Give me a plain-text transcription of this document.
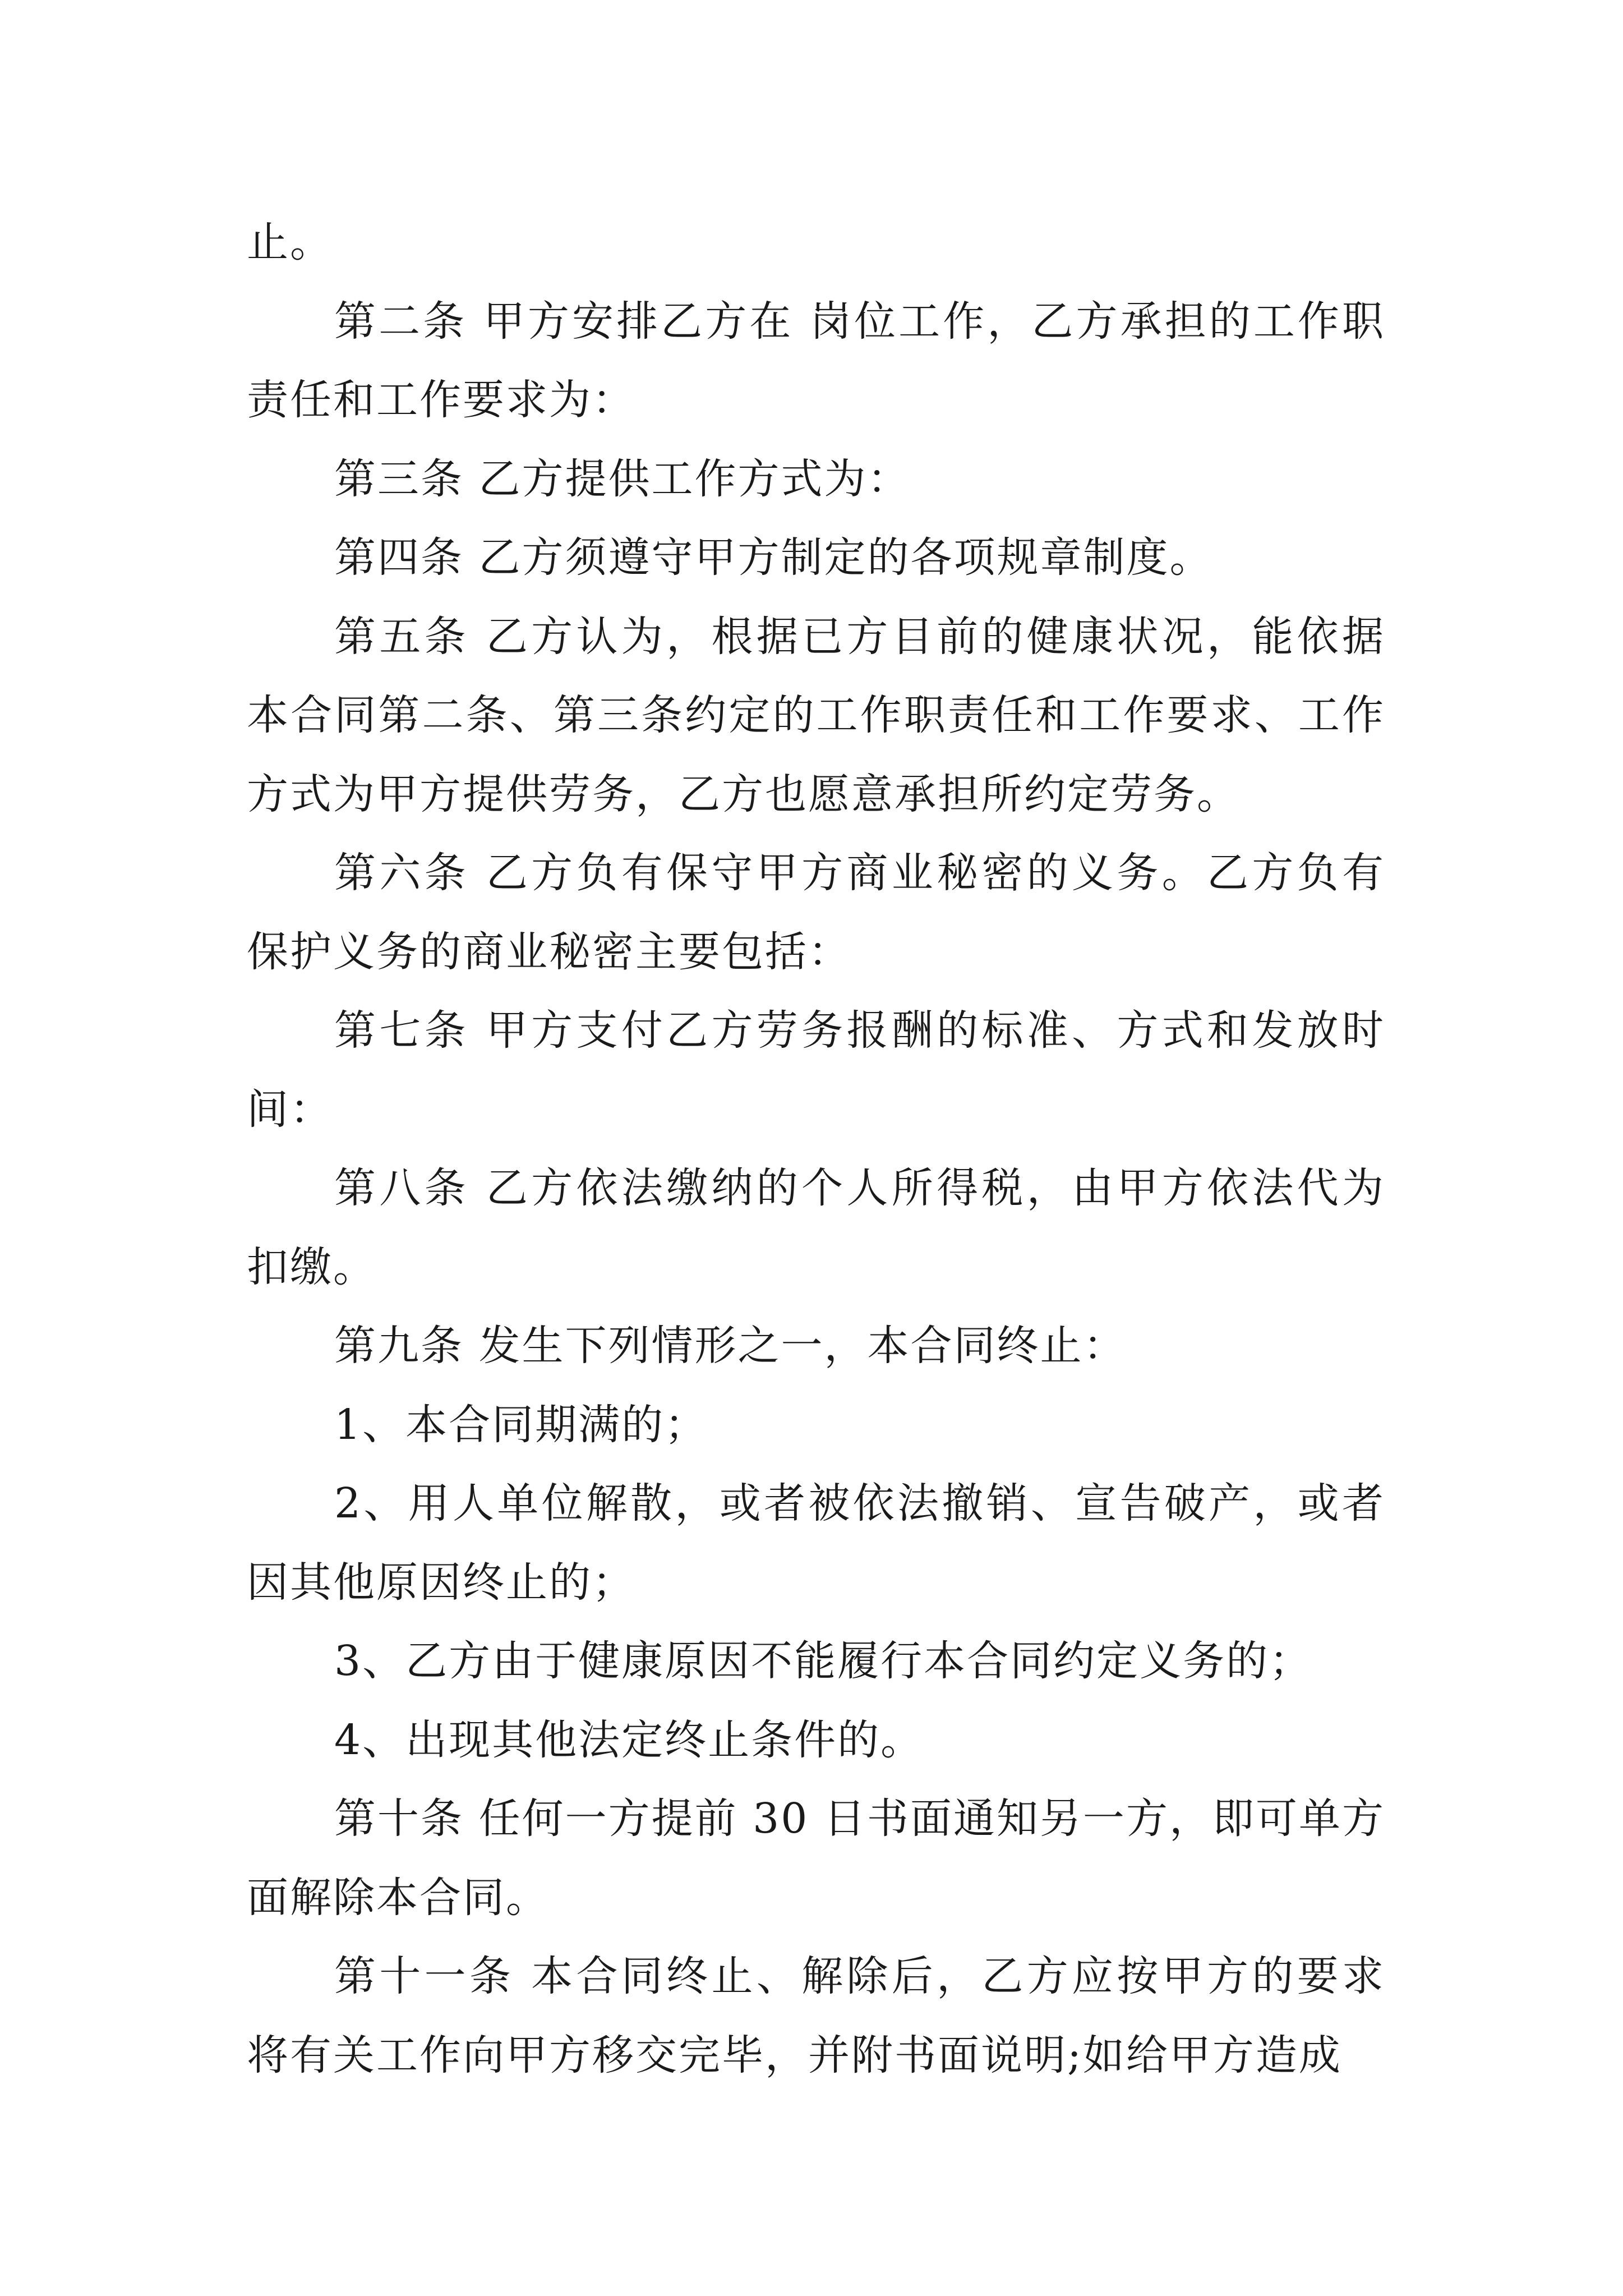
止。

第二条 甲方安排乙方在 岗位工作，乙方承担的工作职责任和工作要求为：

第三条 乙方提供工作方式为：

第四条 乙方须遵守甲方制定的各项规章制度。

第五条 乙方认为，根据已方目前的健康状况，能依据本合同第二条、第三条约定的工作职责任和工作要求、工作方式为甲方提供劳务，乙方也愿意承担所约定劳务。

第六条 乙方负有保守甲方商业秘密的义务。乙方负有保护义务的商业秘密主要包括：

第七条 甲方支付乙方劳务报酬的标准、方式和发放时间：

第八条 乙方依法缴纳的个人所得税，由甲方依法代为扣缴。

第九条 发生下列情形之一，本合同终止：

1、本合同期满的；

2、用人单位解散，或者被依法撤销、宣告破产，或者因其他原因终止的；

3、乙方由于健康原因不能履行本合同约定义务的；

4、出现其他法定终止条件的。

第十条 任何一方提前 30 日书面通知另一方，即可单方面解除本合同。

第十一条 本合同终止、解除后，乙方应按甲方的要求将有关工作向甲方移交完毕，并附书面说明;如给甲方造成
